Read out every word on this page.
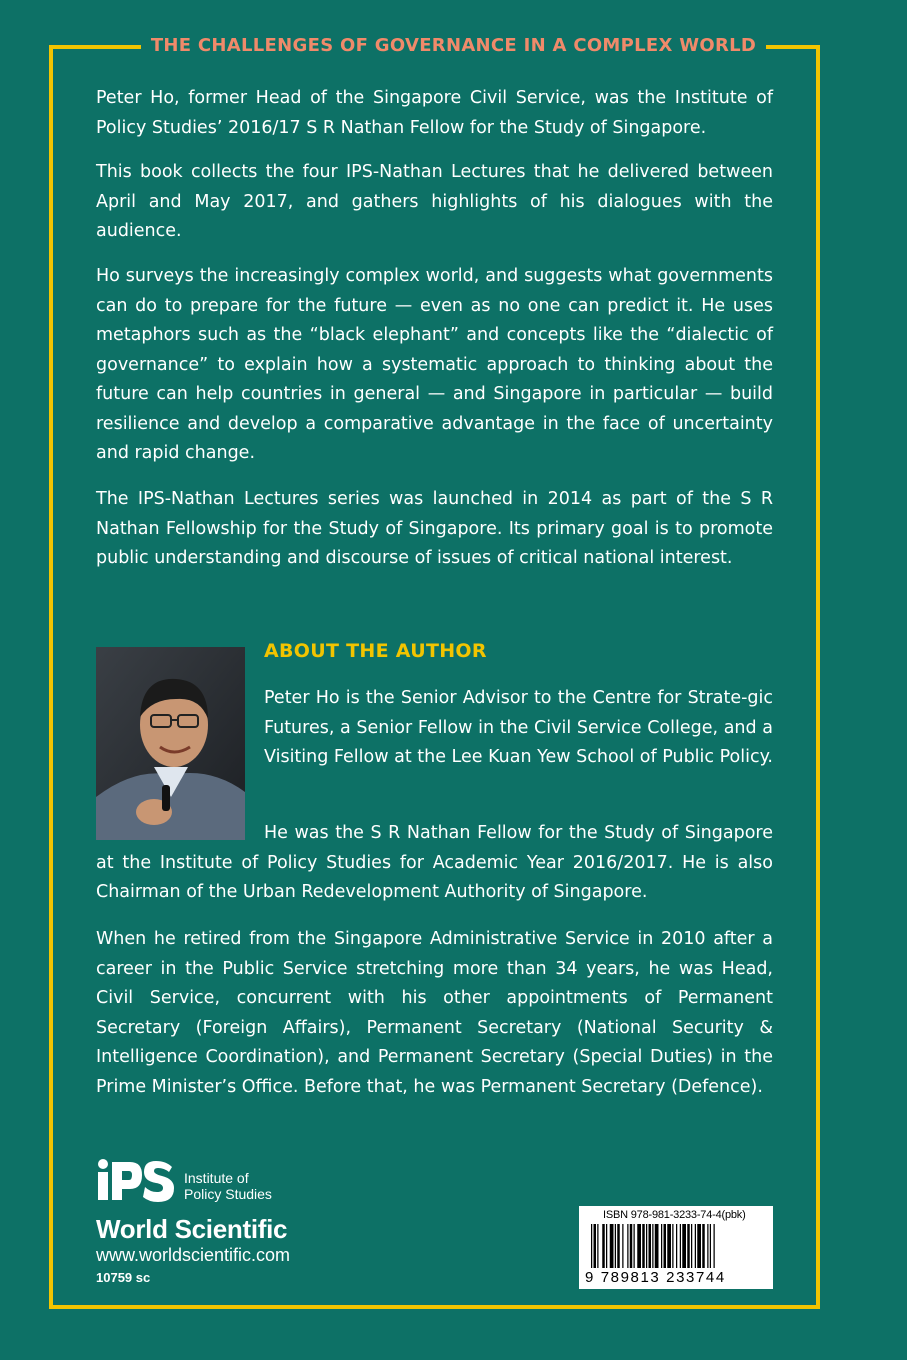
THE CHALLENGES OF GOVERNANCE IN A COMPLEX WORLD

Peter Ho, former Head of the Singapore Civil Service, was the Institute of Policy Studies’ 2016/17 S R Nathan Fellow for the Study of Singapore.

This book collects the four IPS-Nathan Lectures that he delivered between April and May 2017, and gathers highlights of his dialogues with the audience.

Ho surveys the increasingly complex world, and suggests what governments can do to prepare for the future — even as no one can predict it. He uses metaphors such as the “black elephant” and concepts like the “dialectic of governance” to explain how a systematic approach to thinking about the future can help countries in general — and Singapore in particular — build resilience and develop a comparative advantage in the face of uncertainty and rapid change.

The IPS-Nathan Lectures series was launched in 2014 as part of the S R Nathan Fellowship for the Study of Singapore. Its primary goal is to promote public understanding and discourse of issues of critical national interest.

ABOUT THE AUTHOR

Peter Ho is the Senior Advisor to the Centre for Strate-gic Futures, a Senior Fellow in the Civil Service College, and a Visiting Fellow at the Lee Kuan Yew School of Public Policy.

He was the S R Nathan Fellow for the Study of Singapore at the Institute of Policy Studies for Academic Year 2016/2017. He is also Chairman of the Urban Redevelopment Authority of Singapore.

When he retired from the Singapore Administrative Service in 2010 after a career in the Public Service stretching more than 34 years, he was Head, Civil Service, concurrent with his other appointments of Permanent Secretary (Foreign Affairs), Permanent Secretary (National Security & Intelligence Coordination), and Permanent Secretary (Special Duties) in the Prime Minister’s Office. Before that, he was Permanent Secretary (Defence).

Institute of
Policy Studies
World Scientific
www.worldscientific.com
10759 sc
ISBN 978-981-3233-74-4(pbk)
9 789813 233744
